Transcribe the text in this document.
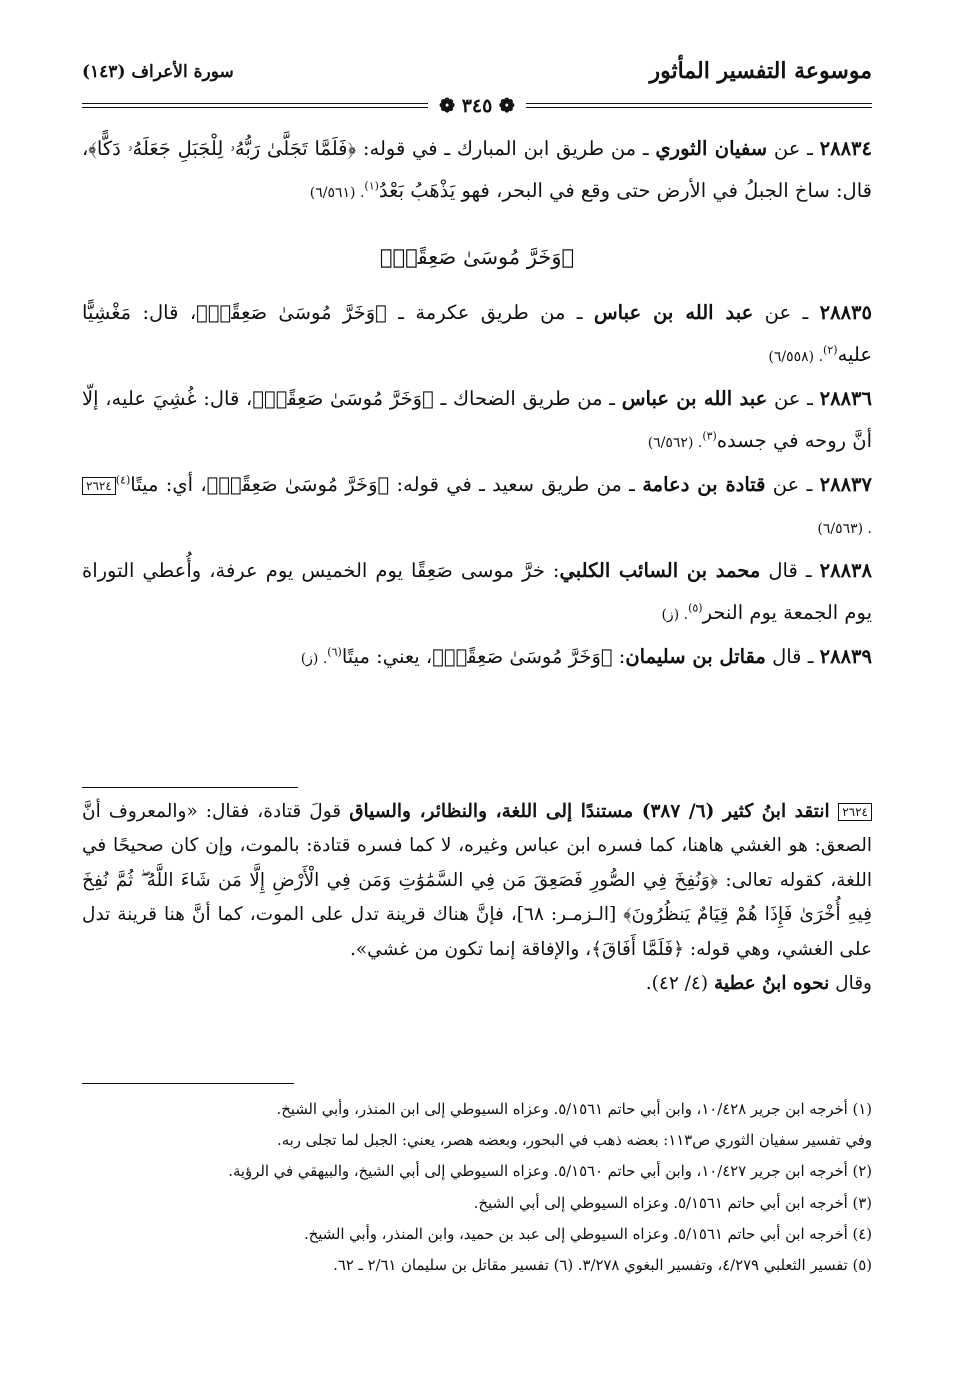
موسوعة التفسير المأثور
سورة الأعراف (١٤٣)
❁ ٣٤٥ ❁

٢٨٨٣٤ ـ عن سفيان الثوري ـ من طريق ابن المبارك ـ في قوله: ﴿فَلَمَّا تَجَلَّىٰ رَبُّهُۥ لِلْجَبَلِ جَعَلَهُۥ دَكًّا﴾، قال: ساخ الجبلُ في الأرض حتى وقع في البحر، فهو يَذْهَبُ بَعْدُ$^{(١)}$. (٦/٥٦١)

﴿وَخَرَّ مُوسَىٰ صَعِقًاۚ﴾

٢٨٨٣٥ ـ عن عبد الله بن عباس ـ من طريق عكرمة ـ ﴿وَخَرَّ مُوسَىٰ صَعِقًاۚ﴾، قال: مَغْشِيًّا عليه$^{(٢)}$. (٦/٥٥٨)

٢٨٨٣٦ ـ عن عبد الله بن عباس ـ من طريق الضحاك ـ ﴿وَخَرَّ مُوسَىٰ صَعِقًاۚ﴾، قال: غُشِيَ عليه، إلّا أنَّ روحه في جسده$^{(٣)}$. (٦/٥٦٢)

٢٨٨٣٧ ـ عن قتادة بن دعامة ـ من طريق سعيد ـ في قوله: ﴿وَخَرَّ مُوسَىٰ صَعِقًاۚ﴾، أي: ميتًا$^{(٤)}$٢٦٢٤. (٦/٥٦٣)

٢٨٨٣٨ ـ قال محمد بن السائب الكلبي: خرَّ موسى صَعِقًا يوم الخميس يوم عرفة، وأُعطي التوراة يوم الجمعة يوم النحر$^{(٥)}$. (ز)

٢٨٨٣٩ ـ قال مقاتل بن سليمان: ﴿وَخَرَّ مُوسَىٰ صَعِقًاۚ﴾، يعني: ميتًا$^{(٦)}$. (ز)

٢٦٢٤ انتقد ابنُ كثير (٦/ ٣٨٧) مستندًا إلى اللغة، والنظائر، والسياق قولَ قتادة، فقال: «والمعروف أنَّ الصعق: هو الغشي هاهنا، كما فسره ابن عباس وغيره، لا كما فسره قتادة: بالموت، وإن كان صحيحًا في اللغة، كقوله تعالى: ﴿وَنُفِخَ فِي الصُّورِ فَصَعِقَ مَن فِي السَّمَٰوَٰتِ وَمَن فِي الْأَرْضِ إِلَّا مَن شَاءَ اللَّهُ ۖ ثُمَّ نُفِخَ فِيهِ أُخْرَىٰ فَإِذَا هُمْ قِيَامٌ يَنظُرُونَ﴾ [الـزمـر: ٦٨]، فإنَّ هناك قرينة تدل على الموت، كما أنَّ هنا قرينة تدل على الغشي، وهي قوله: ﴿فَلَمَّا أَفَاقَ﴾، والإفاقة إنما تكون من غشي».

وقال نحوه ابنُ عطية (٤/ ٤٢).

(١) أخرجه ابن جرير ١٠/٤٢٨، وابن أبي حاتم ٥/١٥٦١. وعزاه السيوطي إلى ابن المنذر، وأبي الشيخ.

وفي تفسير سفيان الثوري ص١١٣: بعضه ذهب في البحور، وبعضه هصر، يعني: الجبل لما تجلى ربه.

(٢) أخرجه ابن جرير ١٠/٤٢٧، وابن أبي حاتم ٥/١٥٦٠. وعزاه السيوطي إلى أبي الشيخ، والبيهقي في الرؤية.

(٣) أخرجه ابن أبي حاتم ٥/١٥٦١. وعزاه السيوطي إلى أبي الشيخ.

(٤) أخرجه ابن أبي حاتم ٥/١٥٦١. وعزاه السيوطي إلى عبد بن حميد، وابن المنذر، وأبي الشيخ.

(٥) تفسير الثعلبي ٤/٢٧٩، وتفسير البغوي ٣/٢٧٨. (٦) تفسير مقاتل بن سليمان ٢/٦١ ـ ٦٢.
